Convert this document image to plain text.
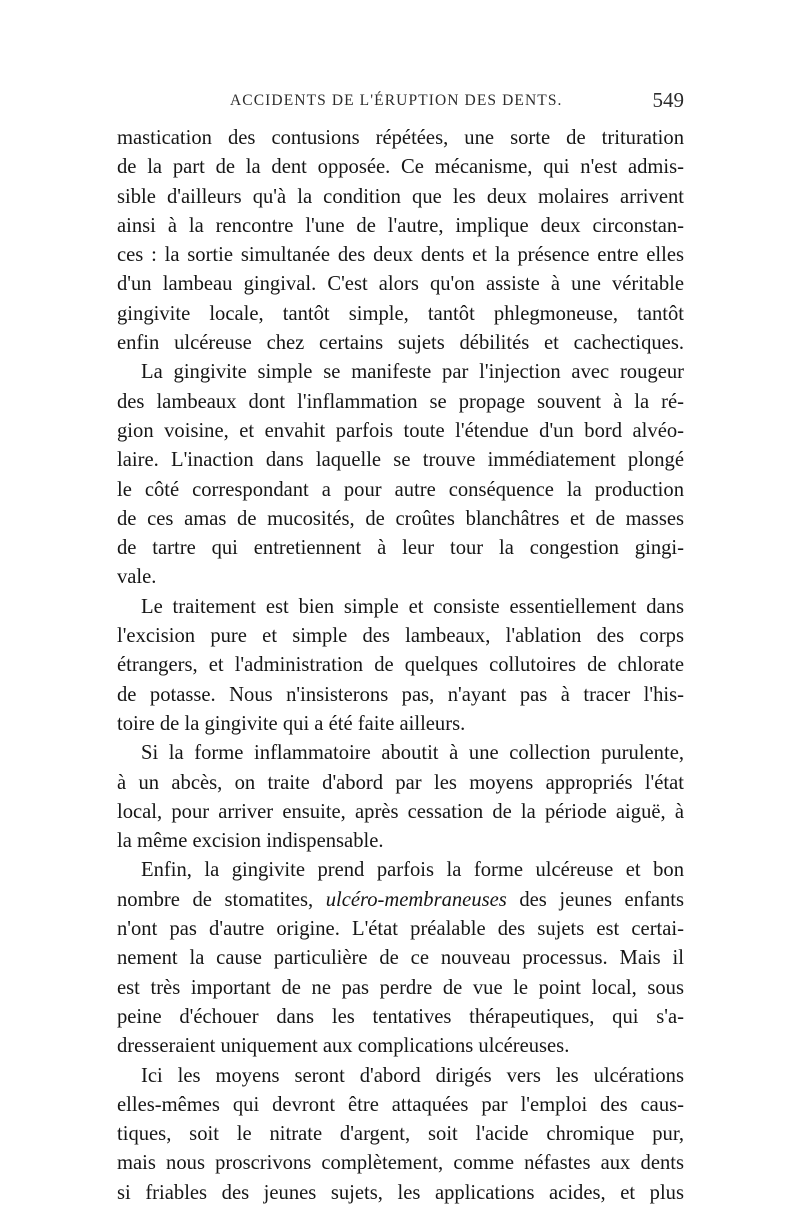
ACCIDENTS DE L'ÉRUPTION DES DENTS.	549
mastication des contusions répétées, une sorte de trituration
de la part de la dent opposée. Ce mécanisme, qui n'est admis-
sible d'ailleurs qu'à la condition que les deux molaires arrivent
ainsi à la rencontre l'une de l'autre, implique deux circonstan-
ces : la sortie simultanée des deux dents et la présence entre elles
d'un lambeau gingival. C'est alors qu'on assiste à une véritable
gingivite locale, tantôt simple, tantôt phlegmoneuse, tantôt
enfin ulcéreuse chez certains sujets débilités et cachectiques.
La gingivite simple se manifeste par l'injection avec rougeur
des lambeaux dont l'inflammation se propage souvent à la ré-
gion voisine, et envahit parfois toute l'étendue d'un bord alvéo-
laire. L'inaction dans laquelle se trouve immédiatement plongé
le côté correspondant a pour autre conséquence la production
de ces amas de mucosités, de croûtes blanchâtres et de masses
de tartre qui entretiennent à leur tour la congestion gingi-
vale.
Le traitement est bien simple et consiste essentiellement dans
l'excision pure et simple des lambeaux, l'ablation des corps
étrangers, et l'administration de quelques collutoires de chlorate
de potasse. Nous n'insisterons pas, n'ayant pas à tracer l'his-
toire de la gingivite qui a été faite ailleurs.
Si la forme inflammatoire aboutit à une collection purulente,
à un abcès, on traite d'abord par les moyens appropriés l'état
local, pour arriver ensuite, après cessation de la période aiguë, à
la même excision indispensable.
Enfin, la gingivite prend parfois la forme ulcéreuse et bon
nombre de stomatites, ulcéro-membraneuses des jeunes enfants
n'ont pas d'autre origine. L'état préalable des sujets est certai-
nement la cause particulière de ce nouveau processus. Mais il
est très important de ne pas perdre de vue le point local, sous
peine d'échouer dans les tentatives thérapeutiques, qui s'a-
dresseraient uniquement aux complications ulcéreuses.
Ici les moyens seront d'abord dirigés vers les ulcérations
elles-mêmes qui devront être attaquées par l'emploi des caus-
tiques, soit le nitrate d'argent, soit l'acide chromique pur,
mais nous proscrivons complètement, comme néfastes aux dents
si friables des jeunes sujets, les applications acides, et plus
